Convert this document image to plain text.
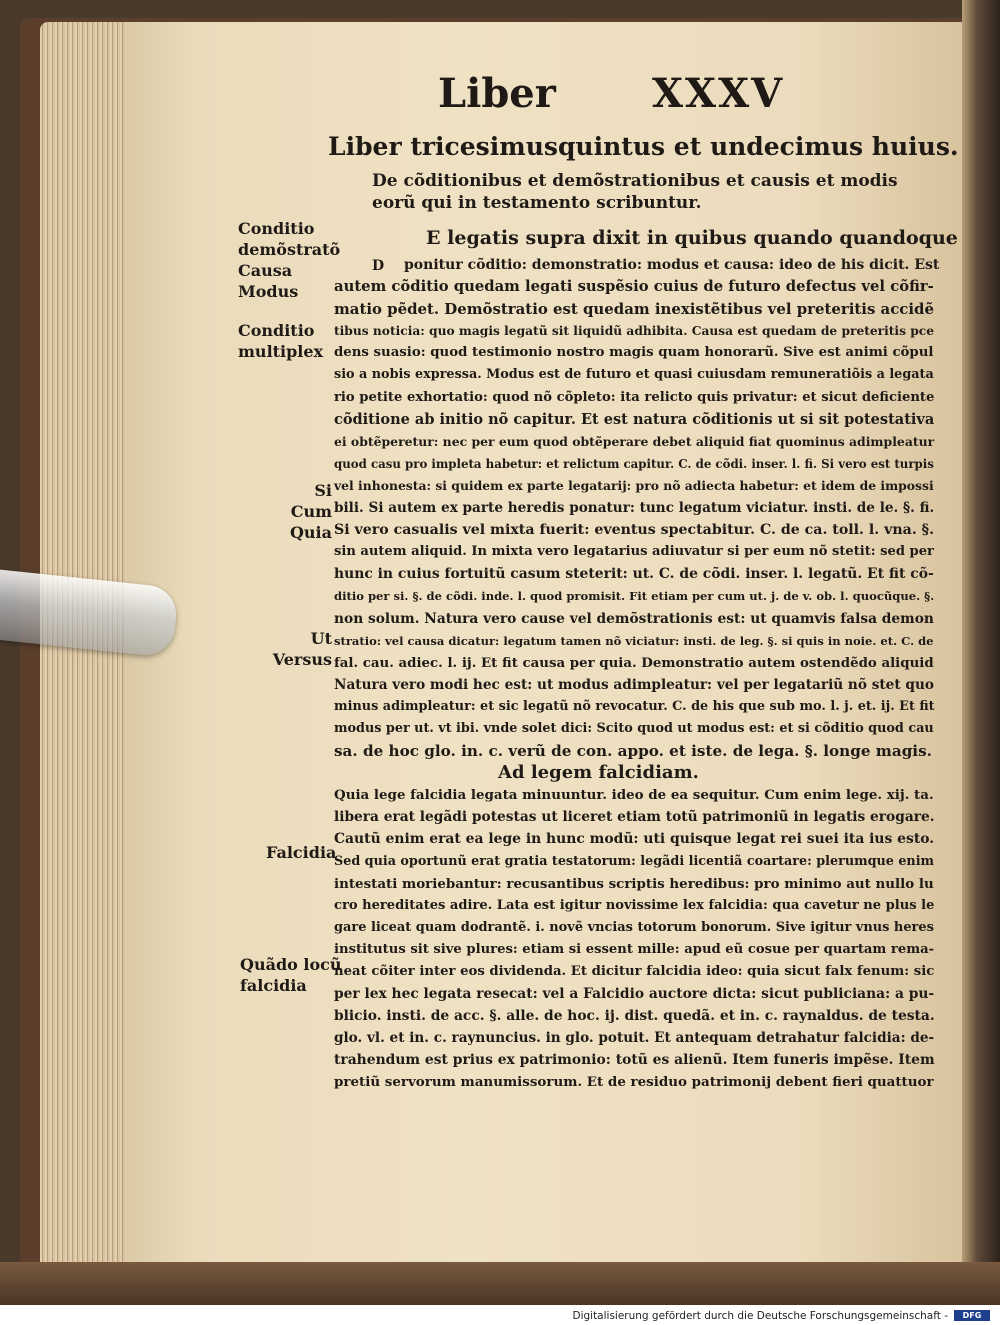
Liber XXXV
Liber tricesimusquintus et undecimus huius.
De cõditionibus et demõstrationibus et causis et modis
eorũ qui in testamento scribuntur.
D
E legatis supra dixit in quibus quando quandoque
ponitur cõditio: demonstratio: modus et causa: ideo de his dicit. Est
autem cõditio quedam legati suspẽsio cuius de futuro defectus vel cõfir-
matio pẽdet. Demõstratio est quedam inexistẽtibus vel preteritis accidẽ
tibus noticia: quo magis legatũ sit liquidũ adhibita. Causa est quedam de preteritis pce
dens suasio: quod testimonio nostro magis quam honorarũ. Sive est animi cõpul
sio a nobis expressa. Modus est de futuro et quasi cuiusdam remuneratiõis a legata
rio petite exhortatio: quod nõ cõpleto: ita relicto quis privatur: et sicut deficiente
cõditione ab initio nõ capitur. Et est natura cõditionis ut si sit potestativa
ei obtẽperetur: nec per eum quod obtẽperare debet aliquid fiat quominus adimpleatur
quod casu pro impleta habetur: et relictum capitur. C. de cõdi. inser. l. fi. Si vero est turpis
vel inhonesta: si quidem ex parte legatarij: pro nõ adiecta habetur: et idem de impossi
bili. Si autem ex parte heredis ponatur: tunc legatum viciatur. insti. de le. §. fi.
Si vero casualis vel mixta fuerit: eventus spectabitur. C. de ca. toll. l. vna. §.
sin autem aliquid. In mixta vero legatarius adiuvatur si per eum nõ stetit: sed per
hunc in cuius fortuitũ casum steterit: ut. C. de cõdi. inser. l. legatũ. Et fit cõ-
ditio per si. §. de cõdi. inde. l. quod promisit. Fit etiam per cum ut. j. de v. ob. l. quocũque. §.
non solum. Natura vero cause vel demõstrationis est: ut quamvis falsa demon
stratio: vel causa dicatur: legatum tamen nõ viciatur: insti. de leg. §. si quis in noie. et. C. de
fal. cau. adiec. l. ij. Et fit causa per quia. Demonstratio autem ostendẽdo aliquid
Natura vero modi hec est: ut modus adimpleatur: vel per legatariũ nõ stet quo
minus adimpleatur: et sic legatũ nõ revocatur. C. de his que sub mo. l. j. et. ij. Et fit
modus per ut. vt ibi. vnde solet dici: Scito quod ut modus est: et si cõditio quod cau
sa. de hoc glo. in. c. verũ de con. appo. et iste. de lega. §. longe magis.
Ad legem falcidiam.
Quia lege falcidia legata minuuntur. ideo de ea sequitur. Cum enim lege. xij. ta.
libera erat legãdi potestas ut liceret etiam totũ patrimoniũ in legatis erogare.
Cautũ enim erat ea lege in hunc modũ: uti quisque legat rei suei ita ius esto.
Sed quia oportunũ erat gratia testatorum: legãdi licentiã coartare: plerumque enim
intestati moriebantur: recusantibus scriptis heredibus: pro minimo aut nullo lu
cro hereditates adire. Lata est igitur novissime lex falcidia: qua cavetur ne plus le
gare liceat quam dodrantẽ. i. novẽ vncias totorum bonorum. Sive igitur vnus heres
institutus sit sive plures: etiam si essent mille: apud eũ cosue per quartam rema-
neat cõiter inter eos dividenda. Et dicitur falcidia ideo: quia sicut falx fenum: sic
per lex hec legata resecat: vel a Falcidio auctore dicta: sicut publiciana: a pu-
blicio. insti. de acc. §. alle. de hoc. ij. dist. quedã. et in. c. raynaldus. de testa.
glo. vl. et in. c. raynuncius. in glo. potuit. Et antequam detrahatur falcidia: de-
trahendum est prius ex patrimonio: totũ es alienũ. Item funeris impẽse. Item
pretiũ servorum manumissorum. Et de residuo patrimonij debent fieri quattuor
Conditio
demõstratõ
Causa
Modus
Conditio
multiplex
Si
Cum
Quia
Ut
Versus
Falcidia
Quãdo locũ
falcidia
Digitalisierung gefördert durch die Deutsche Forschungsgemeinschaft -	DFG
